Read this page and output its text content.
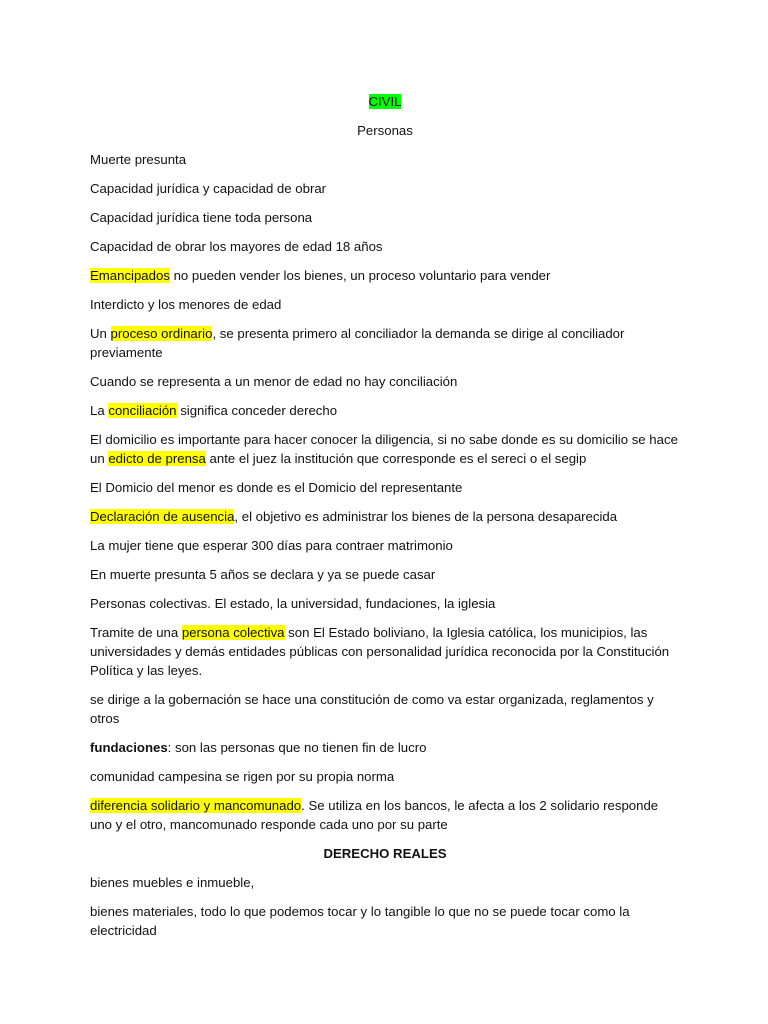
CIVIL

Personas

Muerte presunta

Capacidad jurídica y capacidad de obrar

Capacidad jurídica tiene toda persona

Capacidad de obrar los mayores de edad 18 años

Emancipados no pueden vender los bienes, un proceso voluntario para vender

Interdicto y los menores de edad

Un proceso ordinario, se presenta primero al conciliador la demanda se dirige al conciliador previamente

Cuando se representa a un menor de edad no hay conciliación

La conciliación significa conceder derecho

El domicilio es importante para hacer conocer la diligencia, si no sabe donde es su domicilio se hace un edicto de prensa ante el juez la institución que corresponde es el sereci o el segip

El Domicio del menor es donde es el Domicio del representante

Declaración de ausencia, el objetivo es administrar los bienes de la persona desaparecida

La mujer tiene que esperar 300 días para contraer matrimonio

En muerte presunta 5 años se declara y ya se puede casar

Personas colectivas. El estado, la universidad, fundaciones, la iglesia

Tramite de una persona colectiva son El Estado boliviano, la Iglesia católica, los municipios, las universidades y demás entidades públicas con personalidad jurídica reconocida por la Constitución Política y las leyes.

se dirige a la gobernación se hace una constitución de como va estar organizada, reglamentos y otros

fundaciones: son las personas que no tienen fin de lucro

comunidad campesina se rigen por su propia norma

diferencia solidario y mancomunado. Se utiliza en los bancos, le afecta a los 2 solidario responde uno y el otro, mancomunado responde cada uno por su parte

DERECHO REALES

bienes muebles e inmueble,

bienes materiales, todo lo que podemos tocar y lo tangible lo que no se puede tocar como la electricidad
